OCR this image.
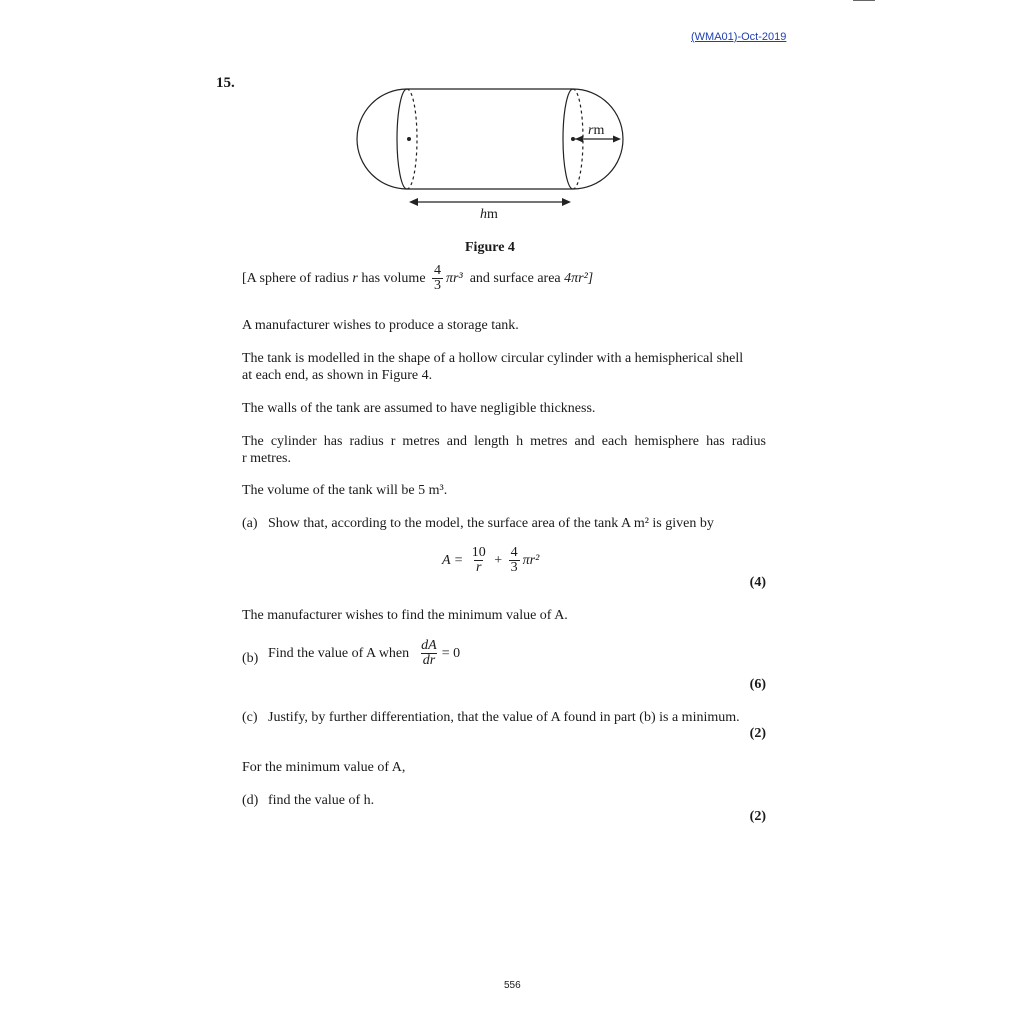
(WMA01)-Oct-2019
15.
rm
hm
Figure 4
[A sphere of radius
r
has volume
$\frac{4}{3} \pi r^3$
and surface area
4πr²]
A manufacturer wishes to produce a storage tank.
The tank is modelled in the shape of a hollow circular cylinder with a hemispherical shell
at each end, as shown in Figure 4.
The walls of the tank are assumed to have negligible thickness.
The cylinder has radius r metres and length h metres and each hemisphere has radius
r metres.
The volume of the tank will be 5 m³.
(a) Show that, according to the model, the surface area of the tank A m² is given by
A =
$\frac{10}{r}$
+
$\frac{4}{3} \pi r^2$
(4)
The manufacturer wishes to find the minimum value of A.
(b) Find the value of A when
$\frac{dA}{dr} = 0$
(6)
(c) Justify, by further differentiation, that the value of A found in part (b) is a minimum.
(2)
For the minimum value of A,
(d) find the value of h.
(2)
556
